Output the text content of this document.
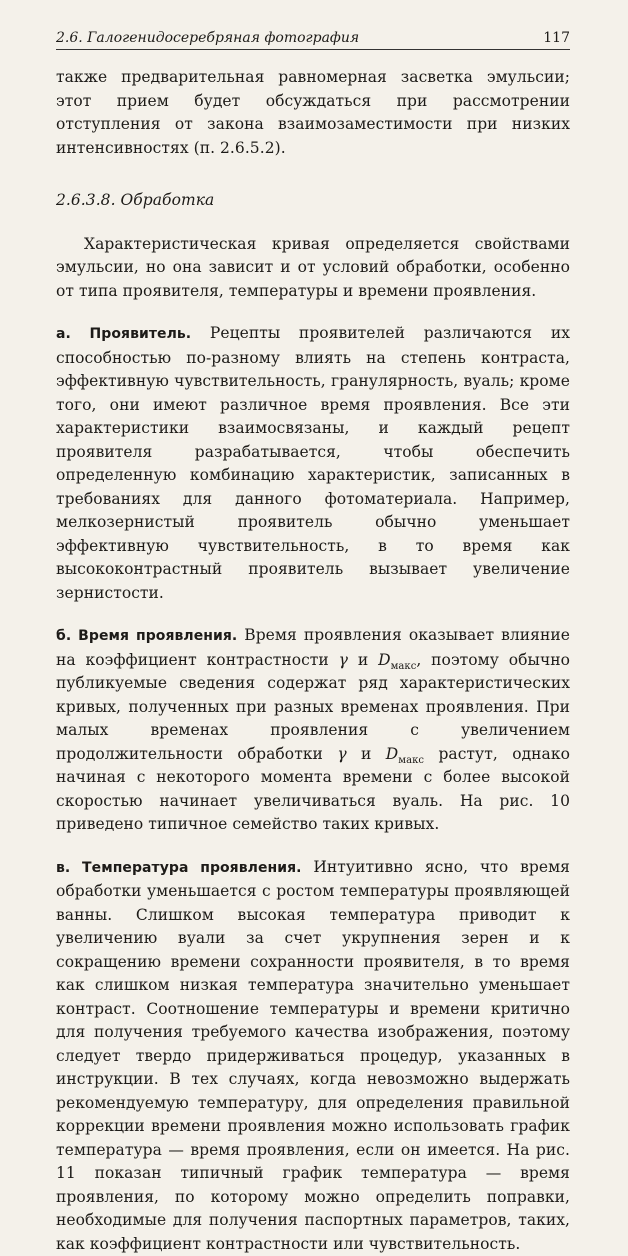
2.6. Галогенидосеребряная фотография	117

также предварительная равномерная засветка эмульсии; этот прием будет обсуждаться при рассмотрении отступления от закона взаимозаместимости при низких интенсивностях (п. 2.6.5.2).

2.6.3.8. Обработка

Характеристическая кривая определяется свойствами эмульсии, но она зависит и от условий обработки, особенно от типа проявителя, температуры и времени проявления.

а. Проявитель. Рецепты проявителей различаются их способностью по-разному влиять на степень контраста, эффективную чувствительность, гранулярность, вуаль; кроме того, они имеют различное время проявления. Все эти характеристики взаимосвязаны, и каждый рецепт проявителя разрабатывается, чтобы обеспечить определенную комбинацию характеристик, записанных в требованиях для данного фотоматериала. Например, мелкозернистый проявитель обычно уменьшает эффективную чувствительность, в то время как высококонтрастный проявитель вызывает увеличение зернистости.

б. Время проявления. Время проявления оказывает влияние на коэффициент контрастности γ и $D_{макс}$, поэтому обычно публикуемые сведения содержат ряд характеристических кривых, полученных при разных временах проявления. При малых временах проявления с увеличением продолжительности обработки γ и $D_{макс}$ растут, однако начиная с некоторого момента времени с более высокой скоростью начинает увеличиваться вуаль. На рис. 10 приведено типичное семейство таких кривых.

в. Температура проявления. Интуитивно ясно, что время обработки уменьшается с ростом температуры проявляющей ванны. Слишком высокая температура приводит к увеличению вуали за счет укрупнения зерен и к сокращению времени сохранности проявителя, в то время как слишком низкая температура значительно уменьшает контраст. Соотношение температуры и времени критично для получения требуемого качества изображения, поэтому следует твердо придерживаться процедур, указанных в инструкции. В тех случаях, когда невозможно выдержать рекомендуемую температуру, для определения правильной коррекции времени проявления можно использовать график температура — время проявления, если он имеется. На рис. 11 показан типичный график температура — время проявления, по которому можно определить поправки, необходимые для получения паспортных параметров, таких, как коэффициент контрастности или чувствительность.
